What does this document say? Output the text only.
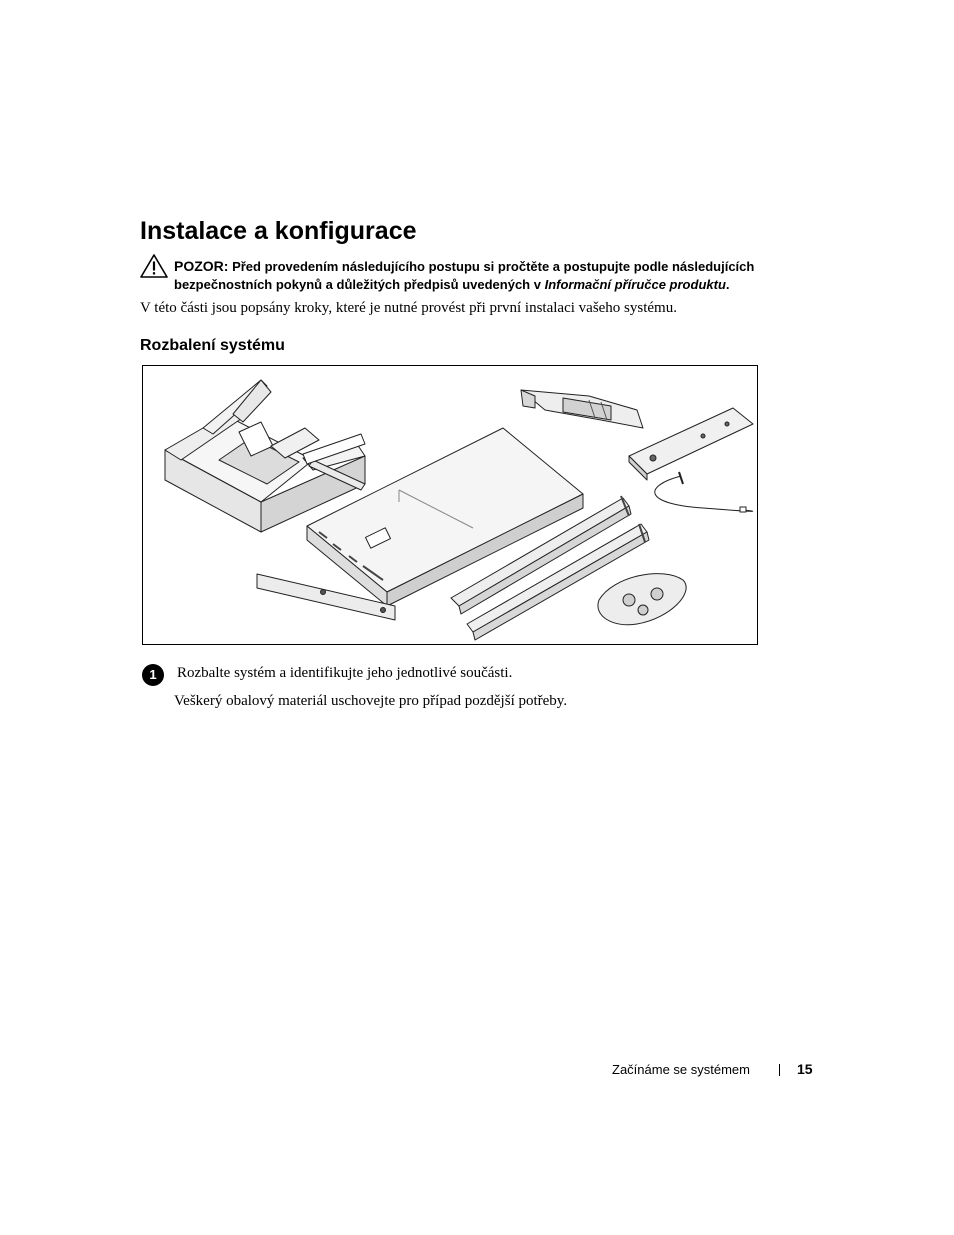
Instalace a konfigurace
POZOR: Před provedením následujícího postupu si pročtěte a postupujte podle následujících bezpečnostních pokynů a důležitých předpisů uvedených v Informační příručce produktu.
V této části jsou popsány kroky, které je nutné provést při první instalaci vašeho systému.
Rozbalení systému
1	Rozbalte systém a identifikujte jeho jednotlivé součásti.
Veškerý obalový materiál uschovejte pro případ pozdější potřeby.
Začínáme se systémem	15
